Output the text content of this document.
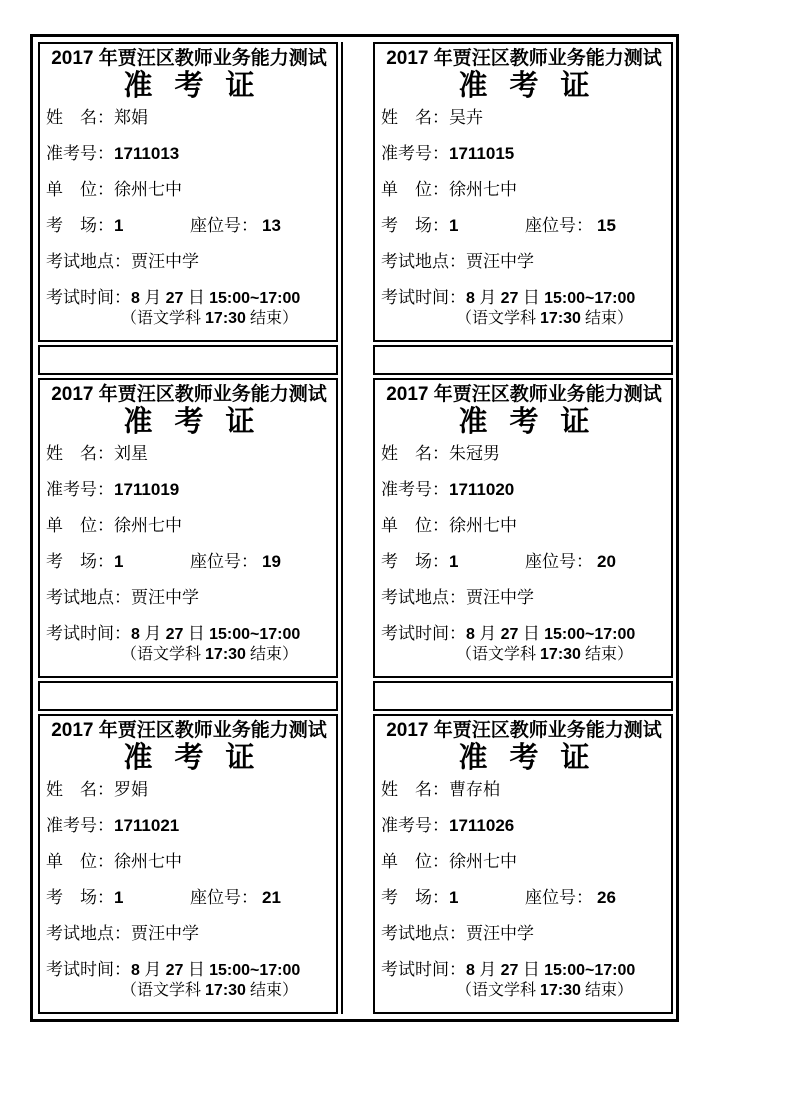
2017 年贾汪区教师业务能力测试
准 考 证
姓　名：郑娟
准考号：1711013
单　位：徐州七中
考　场：1	座位号： 13
考试地点：贾汪中学
考试时间：8 月 27 日 15:00~17:00
（语文学科 17:30 结束）
2017 年贾汪区教师业务能力测试
准 考 证
姓　名：刘星
准考号：1711019
单　位：徐州七中
考　场：1	座位号： 19
考试地点：贾汪中学
考试时间：8 月 27 日 15:00~17:00
（语文学科 17:30 结束）
2017 年贾汪区教师业务能力测试
准 考 证
姓　名：罗娟
准考号：1711021
单　位：徐州七中
考　场：1	座位号： 21
考试地点：贾汪中学
考试时间：8 月 27 日 15:00~17:00
（语文学科 17:30 结束）
2017 年贾汪区教师业务能力测试
准 考 证
姓　名：吴卉
准考号：1711015
单　位：徐州七中
考　场：1	座位号： 15
考试地点：贾汪中学
考试时间：8 月 27 日 15:00~17:00
（语文学科 17:30 结束）
2017 年贾汪区教师业务能力测试
准 考 证
姓　名：朱冠男
准考号：1711020
单　位：徐州七中
考　场：1	座位号： 20
考试地点：贾汪中学
考试时间：8 月 27 日 15:00~17:00
（语文学科 17:30 结束）
2017 年贾汪区教师业务能力测试
准 考 证
姓　名：曹存柏
准考号：1711026
单　位：徐州七中
考　场：1	座位号： 26
考试地点：贾汪中学
考试时间：8 月 27 日 15:00~17:00
（语文学科 17:30 结束）
